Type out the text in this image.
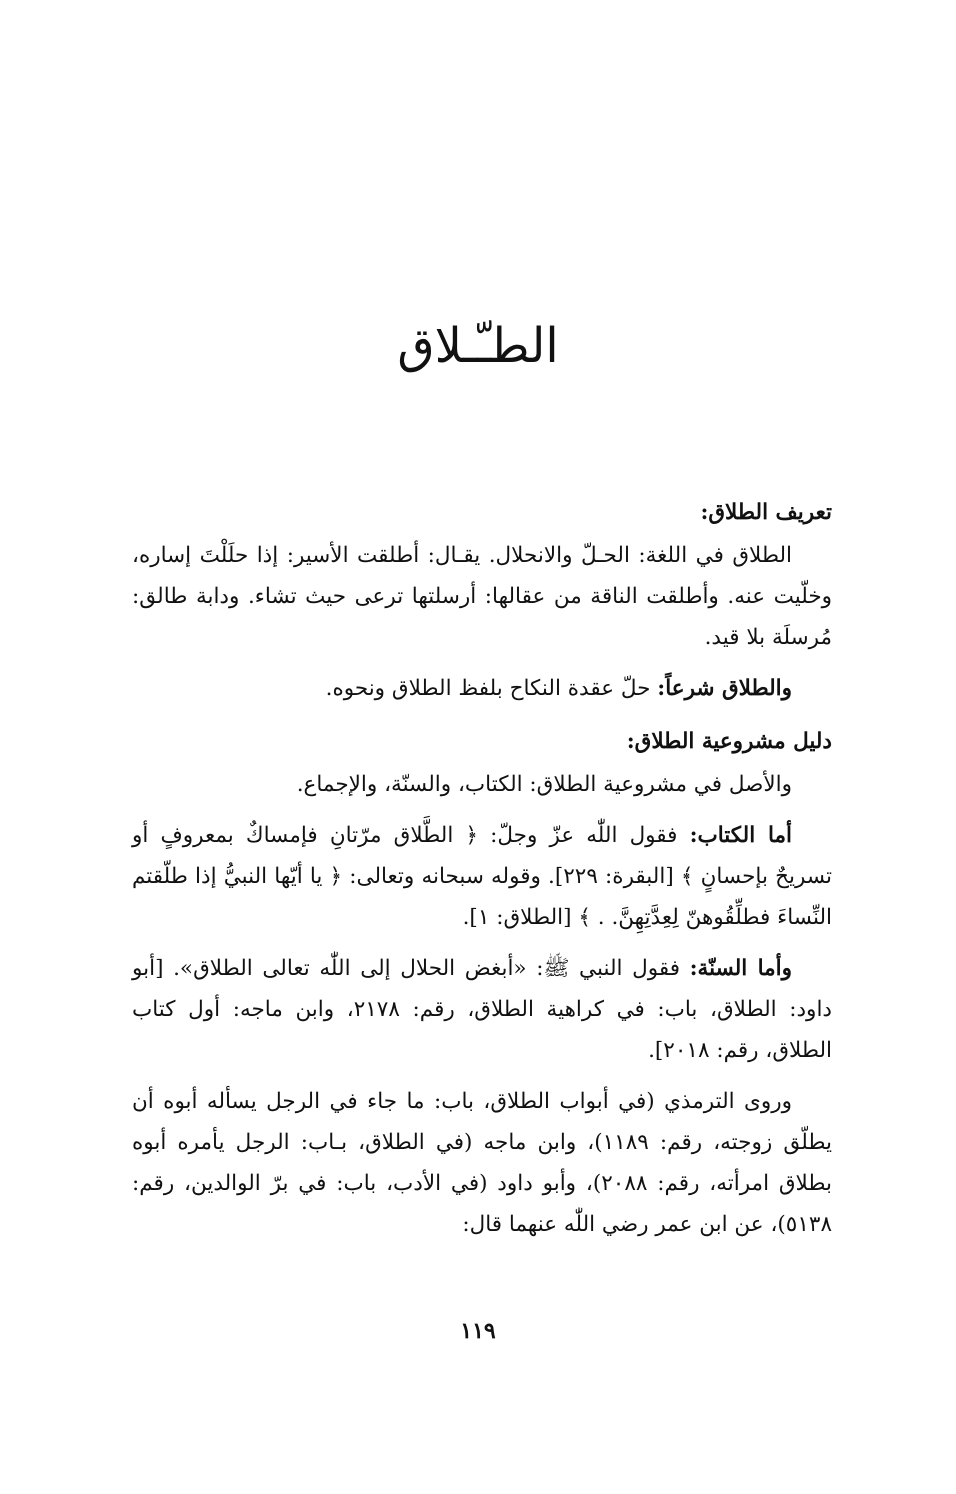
الطـّـلاق

تعريف الطلاق:

الطلاق في اللغة: الحـلّ والانحلال. يقـال: أطلقت الأسير: إذا حلَلْتَ إساره، وخلّيت عنه. وأطلقت الناقة من عقالها: أرسلتها ترعى حيث تشاء. ودابة طالق: مُرسلَة بلا قيد.

والطلاق شرعاً: حلّ عقدة النكاح بلفظ الطلاق ونحوه.

دليل مشروعية الطلاق:

والأصل في مشروعية الطلاق: الكتاب، والسنّة، والإجماع.

أما الكتاب: فقول اللّٰه عزّ وجلّ: ﴿ الطَّلاق مرّتانِ فإمساكٌ بمعروفٍ أو تسريحٌ بإحسانٍ ﴾ [البقرة: ٢٢٩]. وقوله سبحانه وتعالى: ﴿ يا أيّها النبيُّ إذا طلّقتم النِّساءَ فطلِّقُوهنّ لِعِدَّتِهِنَّ. . ﴾ [الطلاق: ١].

وأما السنّة: فقول النبي ﷺ: «أبغض الحلال إلى اللّٰه تعالى الطلاق». [أبو داود: الطلاق، باب: في كراهية الطلاق، رقم: ٢١٧٨، وابن ماجه: أول كتاب الطلاق، رقم: ٢٠١٨].

وروى الترمذي (في أبواب الطلاق، باب: ما جاء في الرجل يسأله أبوه أن يطلّق زوجته، رقم: ١١٨٩)، وابن ماجه (في الطلاق، بـاب: الرجل يأمره أبوه بطلاق امرأته، رقم: ٢٠٨٨)، وأبو داود (في الأدب، باب: في برّ الوالدين، رقم: ٥١٣٨)، عن ابن عمر رضي اللّٰه عنهما قال:

١١٩
